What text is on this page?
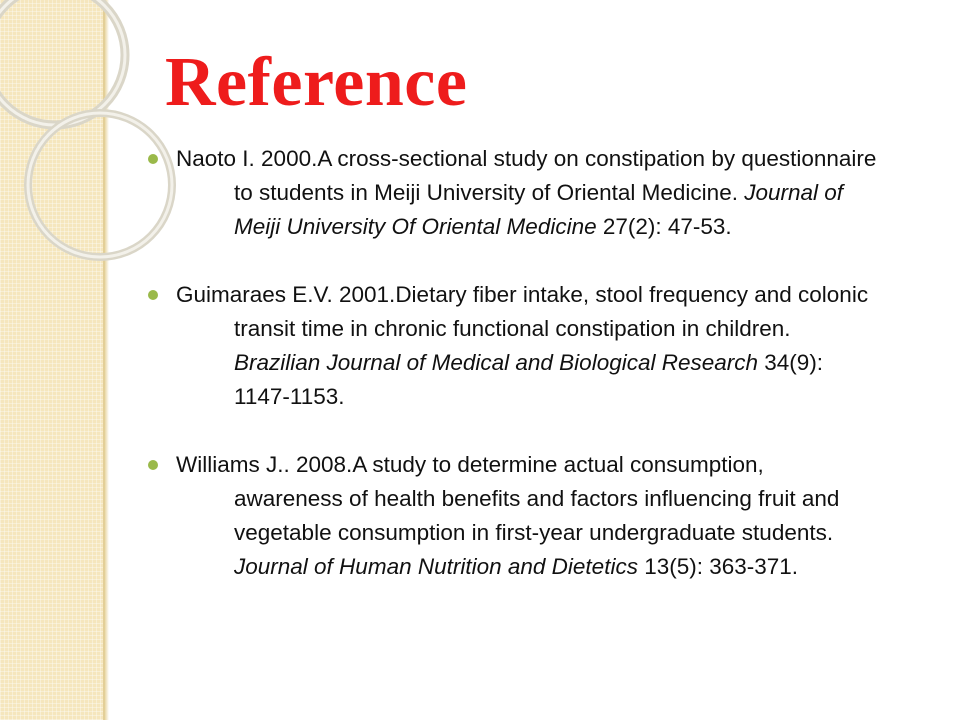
Reference
Naoto I. 2000.A cross-sectional study on constipation by questionnaire
to students in Meiji University of Oriental Medicine. Journal of Meiji University Of Oriental Medicine 27(2): 47-53.
Guimaraes E.V. 2001.Dietary fiber intake, stool frequency and colonic
transit time in chronic functional constipation in children. Brazilian Journal of Medical and Biological Research 34(9): 1147-1153.
Williams J.. 2008.A study to determine actual consumption,
awareness of health benefits and factors influencing fruit and vegetable consumption in first-year undergraduate students. Journal of Human Nutrition and Dietetics 13(5): 363-371.
